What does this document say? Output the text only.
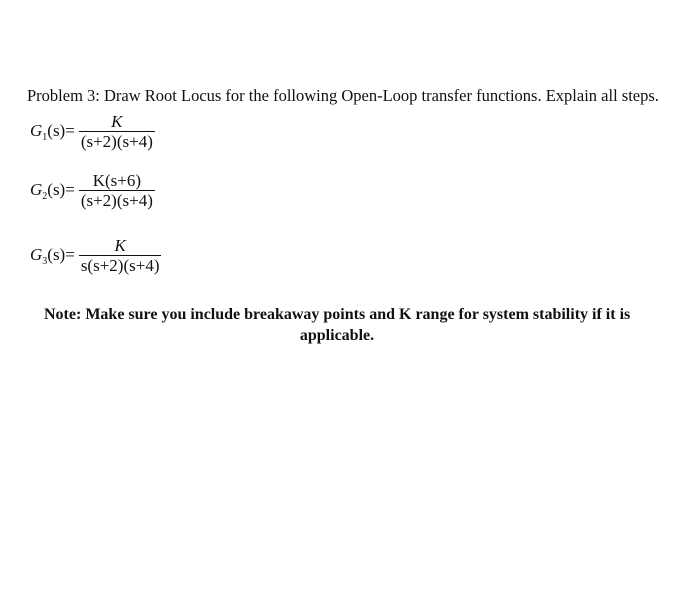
Problem 3: Draw Root Locus for the following Open-Loop transfer functions. Explain all steps.
$G_1(s)= \frac{K}{(s+2)(s+4)}$
$G_2(s)= \frac{K(s+6)}{(s+2)(s+4)}$
$G_3(s)= \frac{K}{s(s+2)(s+4)}$
Note: Make sure you include breakaway points and K range for system stability if it is
applicable.
